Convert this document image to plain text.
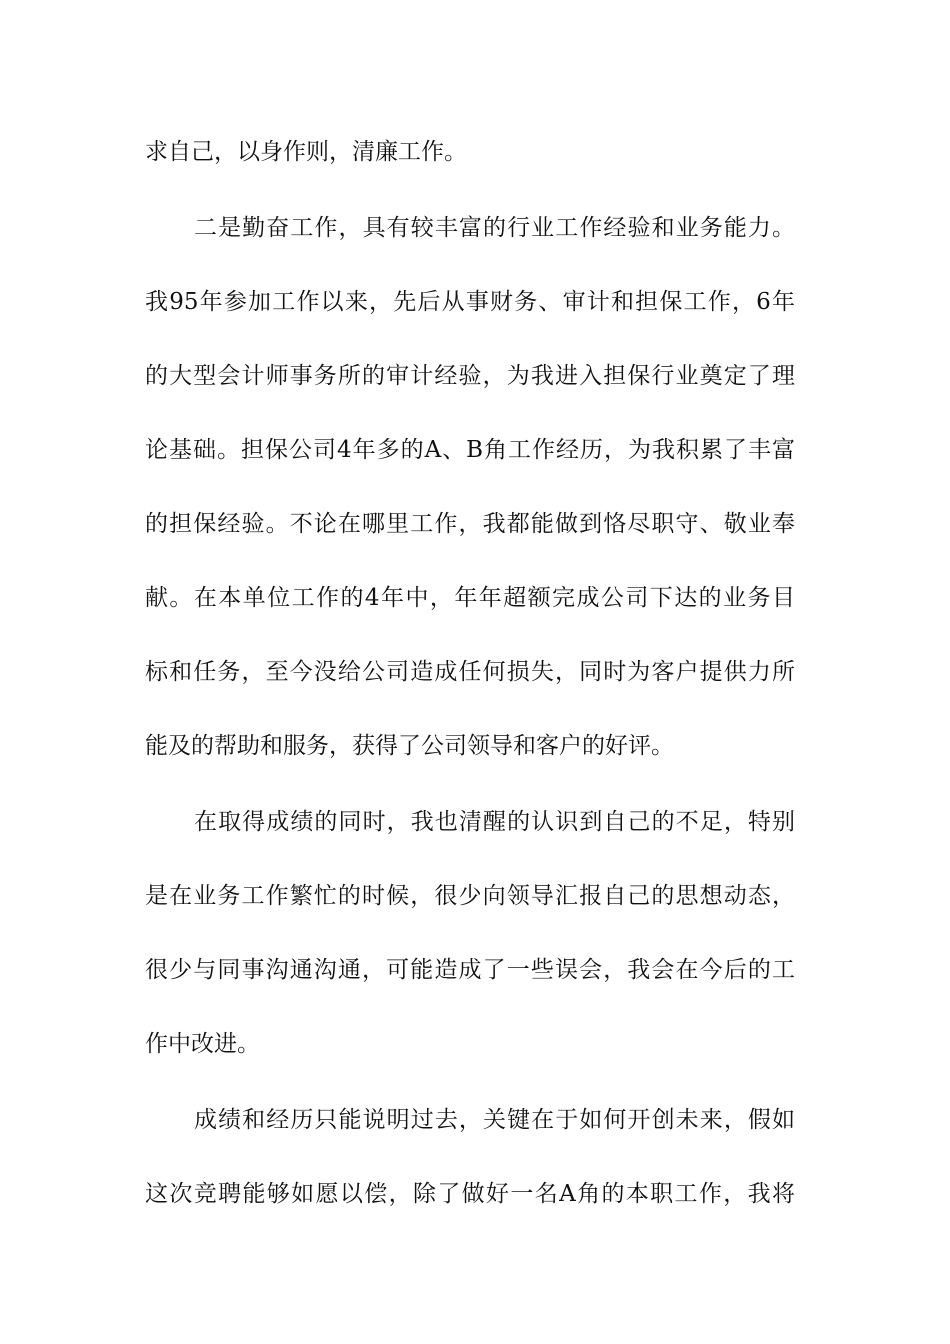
求自己，以身作则，清廉工作。

二是勤奋工作，具有较丰富的行业工作经验和业务能力。

我95年参加工作以来，先后从事财务、审计和担保工作，6年

的大型会计师事务所的审计经验，为我进入担保行业奠定了理

论基础。担保公司4年多的A、B角工作经历，为我积累了丰富

的担保经验。不论在哪里工作，我都能做到恪尽职守、敬业奉

献。在本单位工作的4年中，年年超额完成公司下达的业务目

标和任务，至今没给公司造成任何损失，同时为客户提供力所

能及的帮助和服务，获得了公司领导和客户的好评。

在取得成绩的同时，我也清醒的认识到自己的不足，特别

是在业务工作繁忙的时候，很少向领导汇报自己的思想动态，

很少与同事沟通沟通，可能造成了一些误会，我会在今后的工

作中改进。

成绩和经历只能说明过去，关键在于如何开创未来，假如

这次竞聘能够如愿以偿，除了做好一名A角的本职工作，我将
